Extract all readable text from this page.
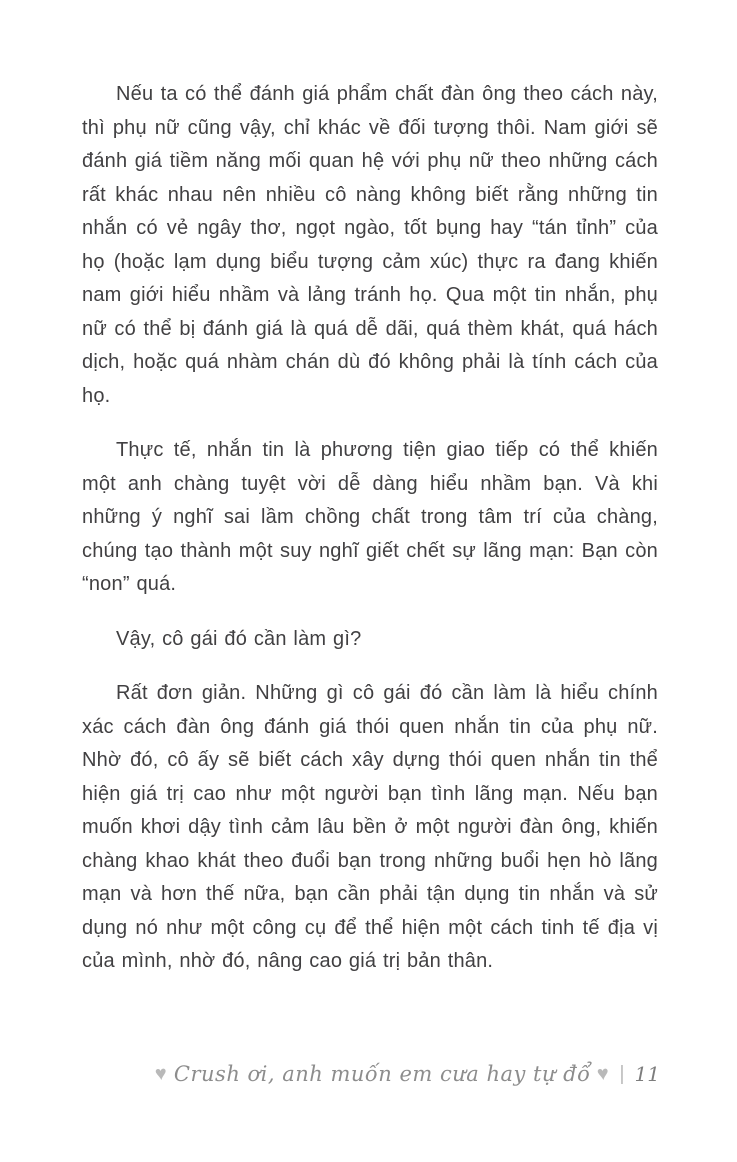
Nếu ta có thể đánh giá phẩm chất đàn ông theo cách này, thì phụ nữ cũng vậy, chỉ khác về đối tượng thôi. Nam giới sẽ đánh giá tiềm năng mối quan hệ với phụ nữ theo những cách rất khác nhau nên nhiều cô nàng không biết rằng những tin nhắn có vẻ ngây thơ, ngọt ngào, tốt bụng hay “tán tỉnh” của họ (hoặc lạm dụng biểu tượng cảm xúc) thực ra đang khiến nam giới hiểu nhầm và lảng tránh họ. Qua một tin nhắn, phụ nữ có thể bị đánh giá là quá dễ dãi, quá thèm khát, quá hách dịch, hoặc quá nhàm chán dù đó không phải là tính cách của họ.

Thực tế, nhắn tin là phương tiện giao tiếp có thể khiến một anh chàng tuyệt vời dễ dàng hiểu nhầm bạn. Và khi những ý nghĩ sai lầm chồng chất trong tâm trí của chàng, chúng tạo thành một suy nghĩ giết chết sự lãng mạn: Bạn còn “non” quá.

Vậy, cô gái đó cần làm gì?

Rất đơn giản. Những gì cô gái đó cần làm là hiểu chính xác cách đàn ông đánh giá thói quen nhắn tin của phụ nữ. Nhờ đó, cô ấy sẽ biết cách xây dựng thói quen nhắn tin thể hiện giá trị cao như một người bạn tình lãng mạn. Nếu bạn muốn khơi dậy tình cảm lâu bền ở một người đàn ông, khiến chàng khao khát theo đuổi bạn trong những buổi hẹn hò lãng mạn và hơn thế nữa, bạn cần phải tận dụng tin nhắn và sử dụng nó như một công cụ để thể hiện một cách tinh tế địa vị của mình, nhờ đó, nâng cao giá trị bản thân.

♥ Crush ơi, anh muốn em cưa hay tự đổ ♥ | 11
